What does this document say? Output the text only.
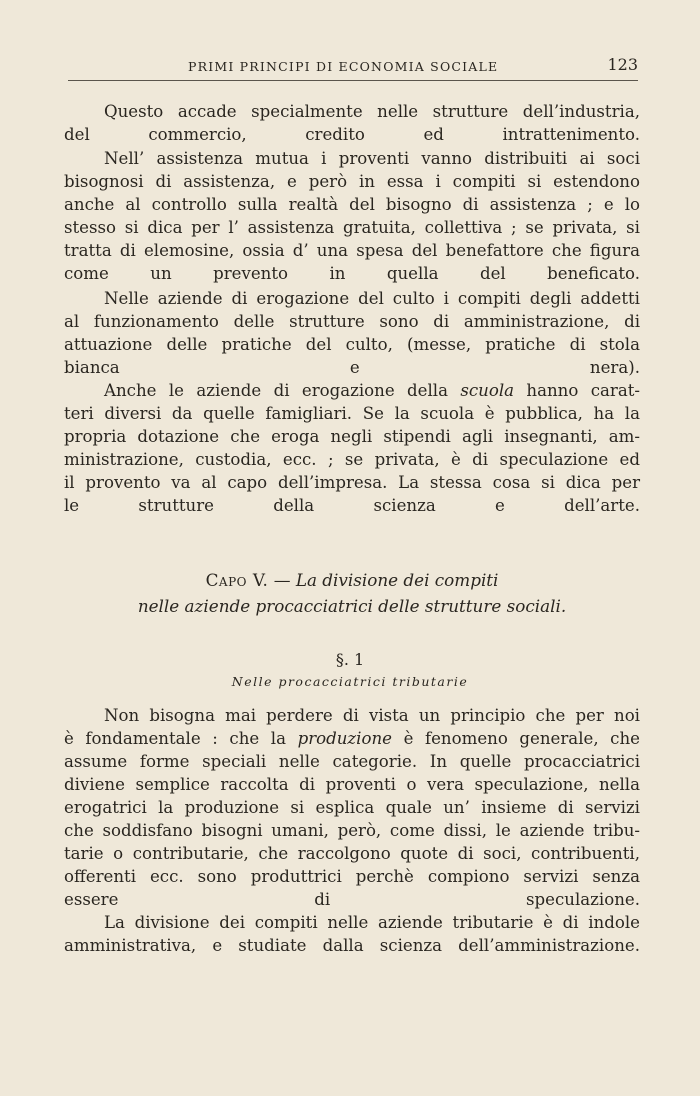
PRIMI PRINCIPI DI ECONOMIA SOCIALE	123

Questo accade specialmente nelle strutture dell’industria,
del commercio, credito ed intrattenimento.

Nell’ assistenza mutua i proventi vanno distribuiti ai soci
bisognosi di assistenza, e però in essa i compiti si estendono
anche al controllo sulla realtà del bisogno di assistenza ; e lo
stesso si dica per l’ assistenza gratuita, collettiva ; se privata, si
tratta di elemosine, ossia d’ una spesa del benefattore che figura
come un prevento in quella del beneficato.

Nelle aziende di erogazione del culto i compiti degli addetti
al funzionamento delle strutture sono di amministrazione, di
attuazione delle pratiche del culto, (messe, pratiche di stola
bianca e nera).

Anche le aziende di erogazione della scuola hanno carat-
teri diversi da quelle famigliari. Se la scuola è pubblica, ha la
propria dotazione che eroga negli stipendi agli insegnanti, am-
ministrazione, custodia, ecc. ; se privata, è di speculazione ed
il provento va al capo dell’impresa. La stessa cosa si dica per
le strutture della scienza e dell’arte.

Capo V. — La divisione dei compiti
nelle aziende procacciatrici delle strutture sociali.
§. 1
Nelle procacciatrici tributarie

Non bisogna mai perdere di vista un principio che per noi
è fondamentale : che la produzione è fenomeno generale, che
assume forme speciali nelle categorie. In quelle procacciatrici
diviene semplice raccolta di proventi o vera speculazione, nella
erogatrici la produzione si esplica quale un’ insieme di servizi
che soddisfano bisogni umani, però, come dissi, le aziende tribu-
tarie o contributarie, che raccolgono quote di soci, contribuenti,
offerenti ecc. sono produttrici perchè compiono servizi senza
essere di speculazione.

La divisione dei compiti nelle aziende tributarie è di indole
amministrativa, e studiate dalla scienza dell’amministrazione.
